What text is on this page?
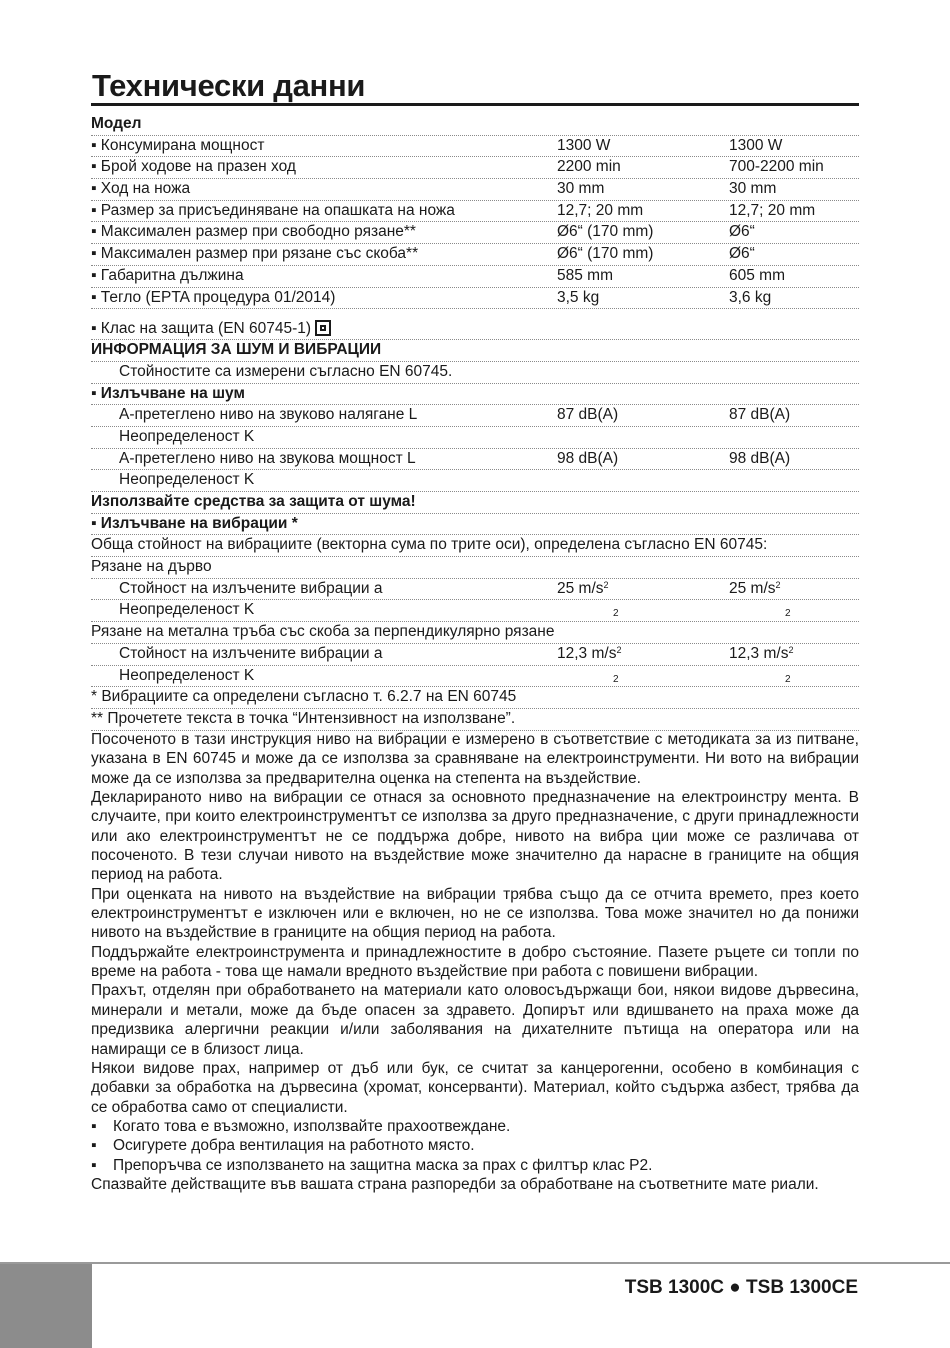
Технически данни
Модел
▪ Консумирана мощност	1300 W	1300 W
▪ Брой ходове на празен ход	2200 min	700-2200 min
▪ Ход на ножа	30 mm	30 mm
▪ Размер за присъединяване на опашката на ножа	12,7; 20 mm	12,7; 20 mm
▪ Максимален размер при свободно рязане**	Ø6“ (170 mm)	Ø6“
▪ Максимален размер при рязане със скоба**	Ø6“ (170 mm)	Ø6“
▪ Габаритна дължина	585 mm	605 mm
▪ Тегло (EPTA процедура 01/2014)	3,5 kg	3,6 kg
▪ Клас на защита (EN 60745-1)
ИНФОРМАЦИЯ ЗА ШУМ И ВИБРАЦИИ
Стойностите са измерени съгласно EN 60745.
▪ Излъчване на шум
А-претеглено ниво на звуково налягане L	87 dB(A)	87 dB(A)
Неопределеност K
А-претеглено ниво на звукова мощност L	98 dB(A)	98 dB(A)
Неопределеност K
Използвайте средства за защита от шума!
▪ Излъчване на вибрации *
Обща стойност на вибрациите (векторна сума по трите оси), определена съгласно EN 60745:
Рязане на дърво
Стойност на излъчените вибрации a	25 $m/s^2$	25 $m/s^2$
Неопределеност K	2	2
Рязане на метална тръба със скоба за перпендикулярно рязане
Стойност на излъчените вибрации a	12,3 $m/s^2$	12,3 $m/s^2$
Неопределеност K	2	2
* Вибрациите са определени съгласно т. 6.2.7 на EN 60745
** Прочетете текста в точка “Интензивност на използване”.

Посоченото в тази инструкция ниво на вибрации е измерено в съответствие с методиката за из питване, указана в EN 60745 и може да се използва за сравняване на електроинструменти. Ни вото на вибрации може да се използва за предварителна оценка на степента на въздействие.

Декларираното ниво на вибрации се отнася за основното предназначение на електроинстру мента. В случаите, при които електроинструментът се използва за друго предназначение, с други принадлежности или ако електроинструментът не се поддържа добре, нивото на вибра ции може се различава от посоченото. В тези случаи нивото на въздействие може значително да нарасне в границите на общия период на работа.

При оценката на нивото на въздействие на вибрации трябва също да се отчита времето, през което електроинструментът е изключен или е включен, но не се използва. Това може значител но да понижи нивото на въздействие в границите на общия период на работа.

Поддържайте електроинструмента и принадлежностите в добро състояние. Пазете ръцете си топли по време на работа - това ще намали вредното въздействие при работа с повишени вибрации.

Прахът, отделян при обработването на материали като оловосъдържащи бои, някои видове дървесина, минерали и метали, може да бъде опасен за здравето. Допирът или вдишването на праха може да предизвика алергични реакции и/или заболявания на дихателните пътища на оператора или на намиращи се в близост лица.

Някои видове прах, например от дъб или бук, се считат за канцерогенни, особено в комбинация с добавки за обработка на дървесина (хромат, консерванти). Материал, който съдържа азбест, трябва да се обработва само от специалисти.

▪	Когато това е възможно, използвайте прахоотвеждане.
▪	Осигурете добра вентилация на работното място.
▪	Препоръчва се използването на защитна маска за прах с филтър клас P2.

Спазвайте действащите във вашата страна разпоредби за обработване на съответните мате риали.

TSB 1300C ● TSB 1300CE
